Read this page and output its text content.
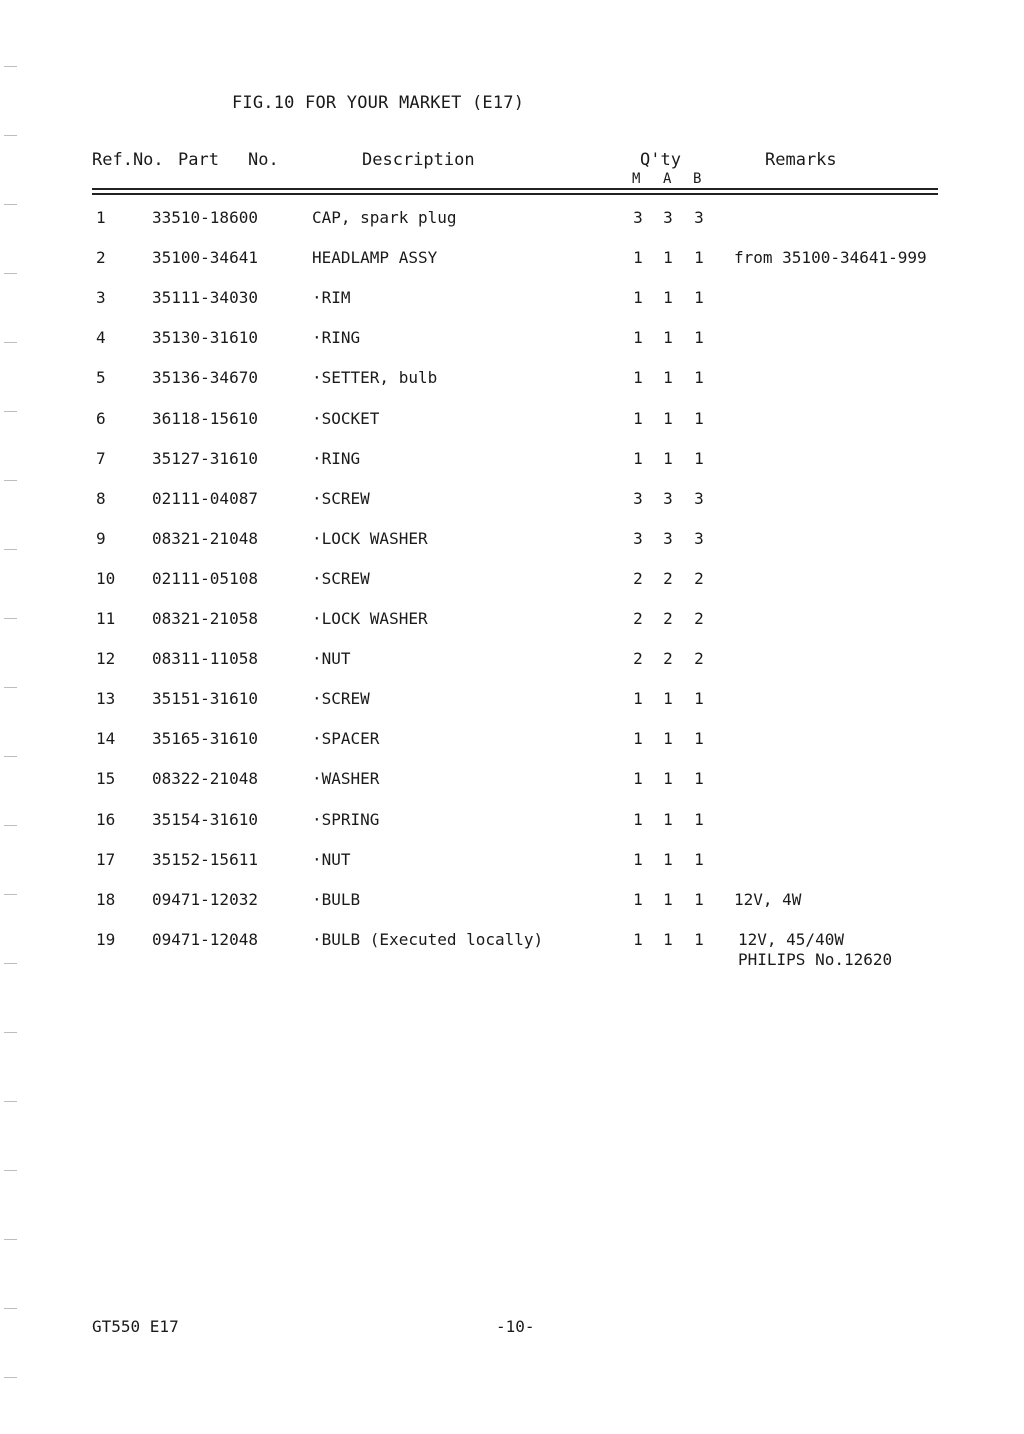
FIG.10 FOR YOUR MARKET (E17)
Ref.No. Part No.	Description	Q'ty	Remarks
M A B
1	33510-18600	CAP, spark plug	3	3	3
2	35100-34641	HEADLAMP ASSY	1	1	1	from 35100-34641-999
3	35111-34030	·RIM	1	1	1
4	35130-31610	·RING	1	1	1
5	35136-34670	·SETTER, bulb	1	1	1
6	36118-15610	·SOCKET	1	1	1
7	35127-31610	·RING	1	1	1
8	02111-04087	·SCREW	3	3	3
9	08321-21048	·LOCK WASHER	3	3	3
10 02111-05108	·SCREW	2	2	2
11 08321-21058	·LOCK WASHER	2	2	2
12 08311-11058	·NUT	2	2	2
13 35151-31610	·SCREW	1	1	1
14 35165-31610	·SPACER	1	1	1
15 08322-21048	·WASHER	1	1	1
16 35154-31610	·SPRING	1	1	1
17 35152-15611	·NUT	1	1	1
18 09471-12032	·BULB	1	1	1	12V, 4W
19 09471-12048	·BULB (Executed locally)	1	1	1	12V, 45/40W
PHILIPS No.12620
GT550 E17	-10-
